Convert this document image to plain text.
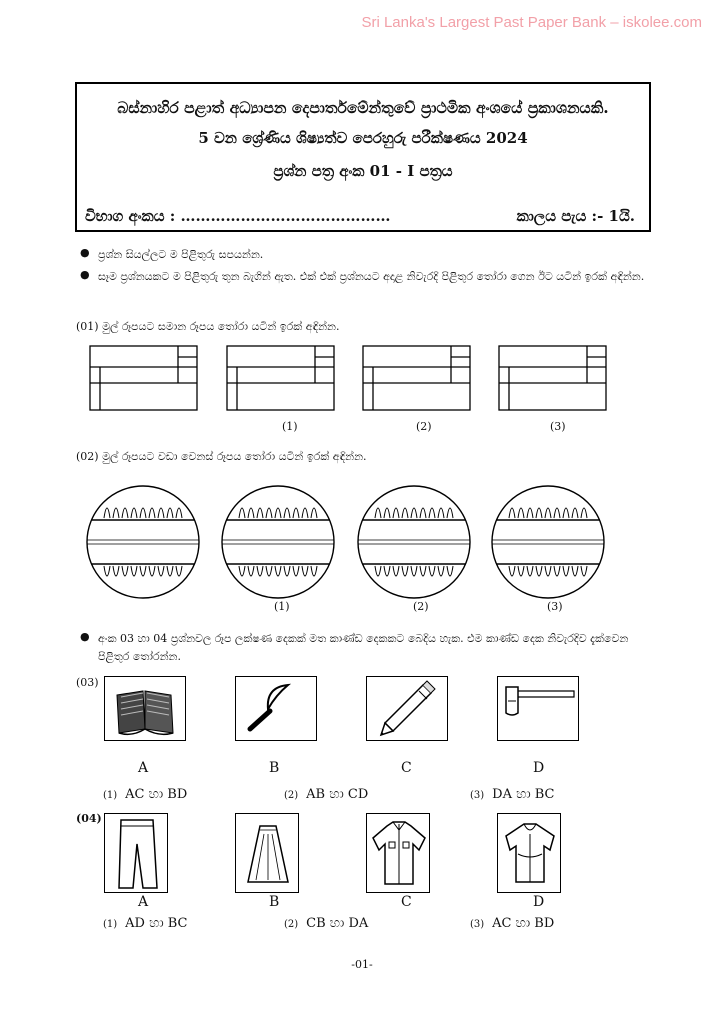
Sri Lanka's Largest Past Paper Bank – iskolee.com
බස්නාහිර පළාත් අධ්‍යාපන දෙපාර්තමේන්තුවේ ප්‍රාථමික අංශයේ ප්‍රකාශනයකි.
5 වන ශ්‍රේණිය ශිෂ්‍යත්ව පෙරහුරු පරීක්ෂණය 2024
ප්‍රශ්න පත්‍ර අංක 01 - I පත්‍රය
විභාග අංකය : ……………………………………	කාලය පැය :- 1යි.
● ප්‍රශ්න සියල්ලට ම පිළිතුරු සපයන්න.
● සෑම ප්‍රශ්නයකට ම පිළිතුරු තුන බැගින් ඇත. එක් එක් ප්‍රශ්නයට අදාළ නිවැරදි පිළිතුර තෝරා ගෙන ඊට යටින් ඉරක් අඳින්න.
(01) මුල් රූපයට සමාන රූපය තෝරා යටින් ඉරක් අඳින්න.
(1)	(2)	(3)
(02) මුල් රූපයට වඩා වෙනස් රූපය තෝරා යටින් ඉරක් අඳින්න.
(1)	(2)	(3)
● අංක 03 හා 04 ප්‍රශ්නවල රූප ලක්ෂණ දෙකක් මත කාණ්ඩ දෙකකට බෙදිය හැක. එම කාණ්ඩ දෙක නිවැරදිව දැක්වෙන පිළිතුර තෝරන්න.
(03)
A	B	C	D
(1) AC හා BD	(2) AB හා CD	(3) DA හා BC
(04)
A	B	C	D
(1) AD හා BC	(2) CB හා DA	(3) AC හා BD
-01-
